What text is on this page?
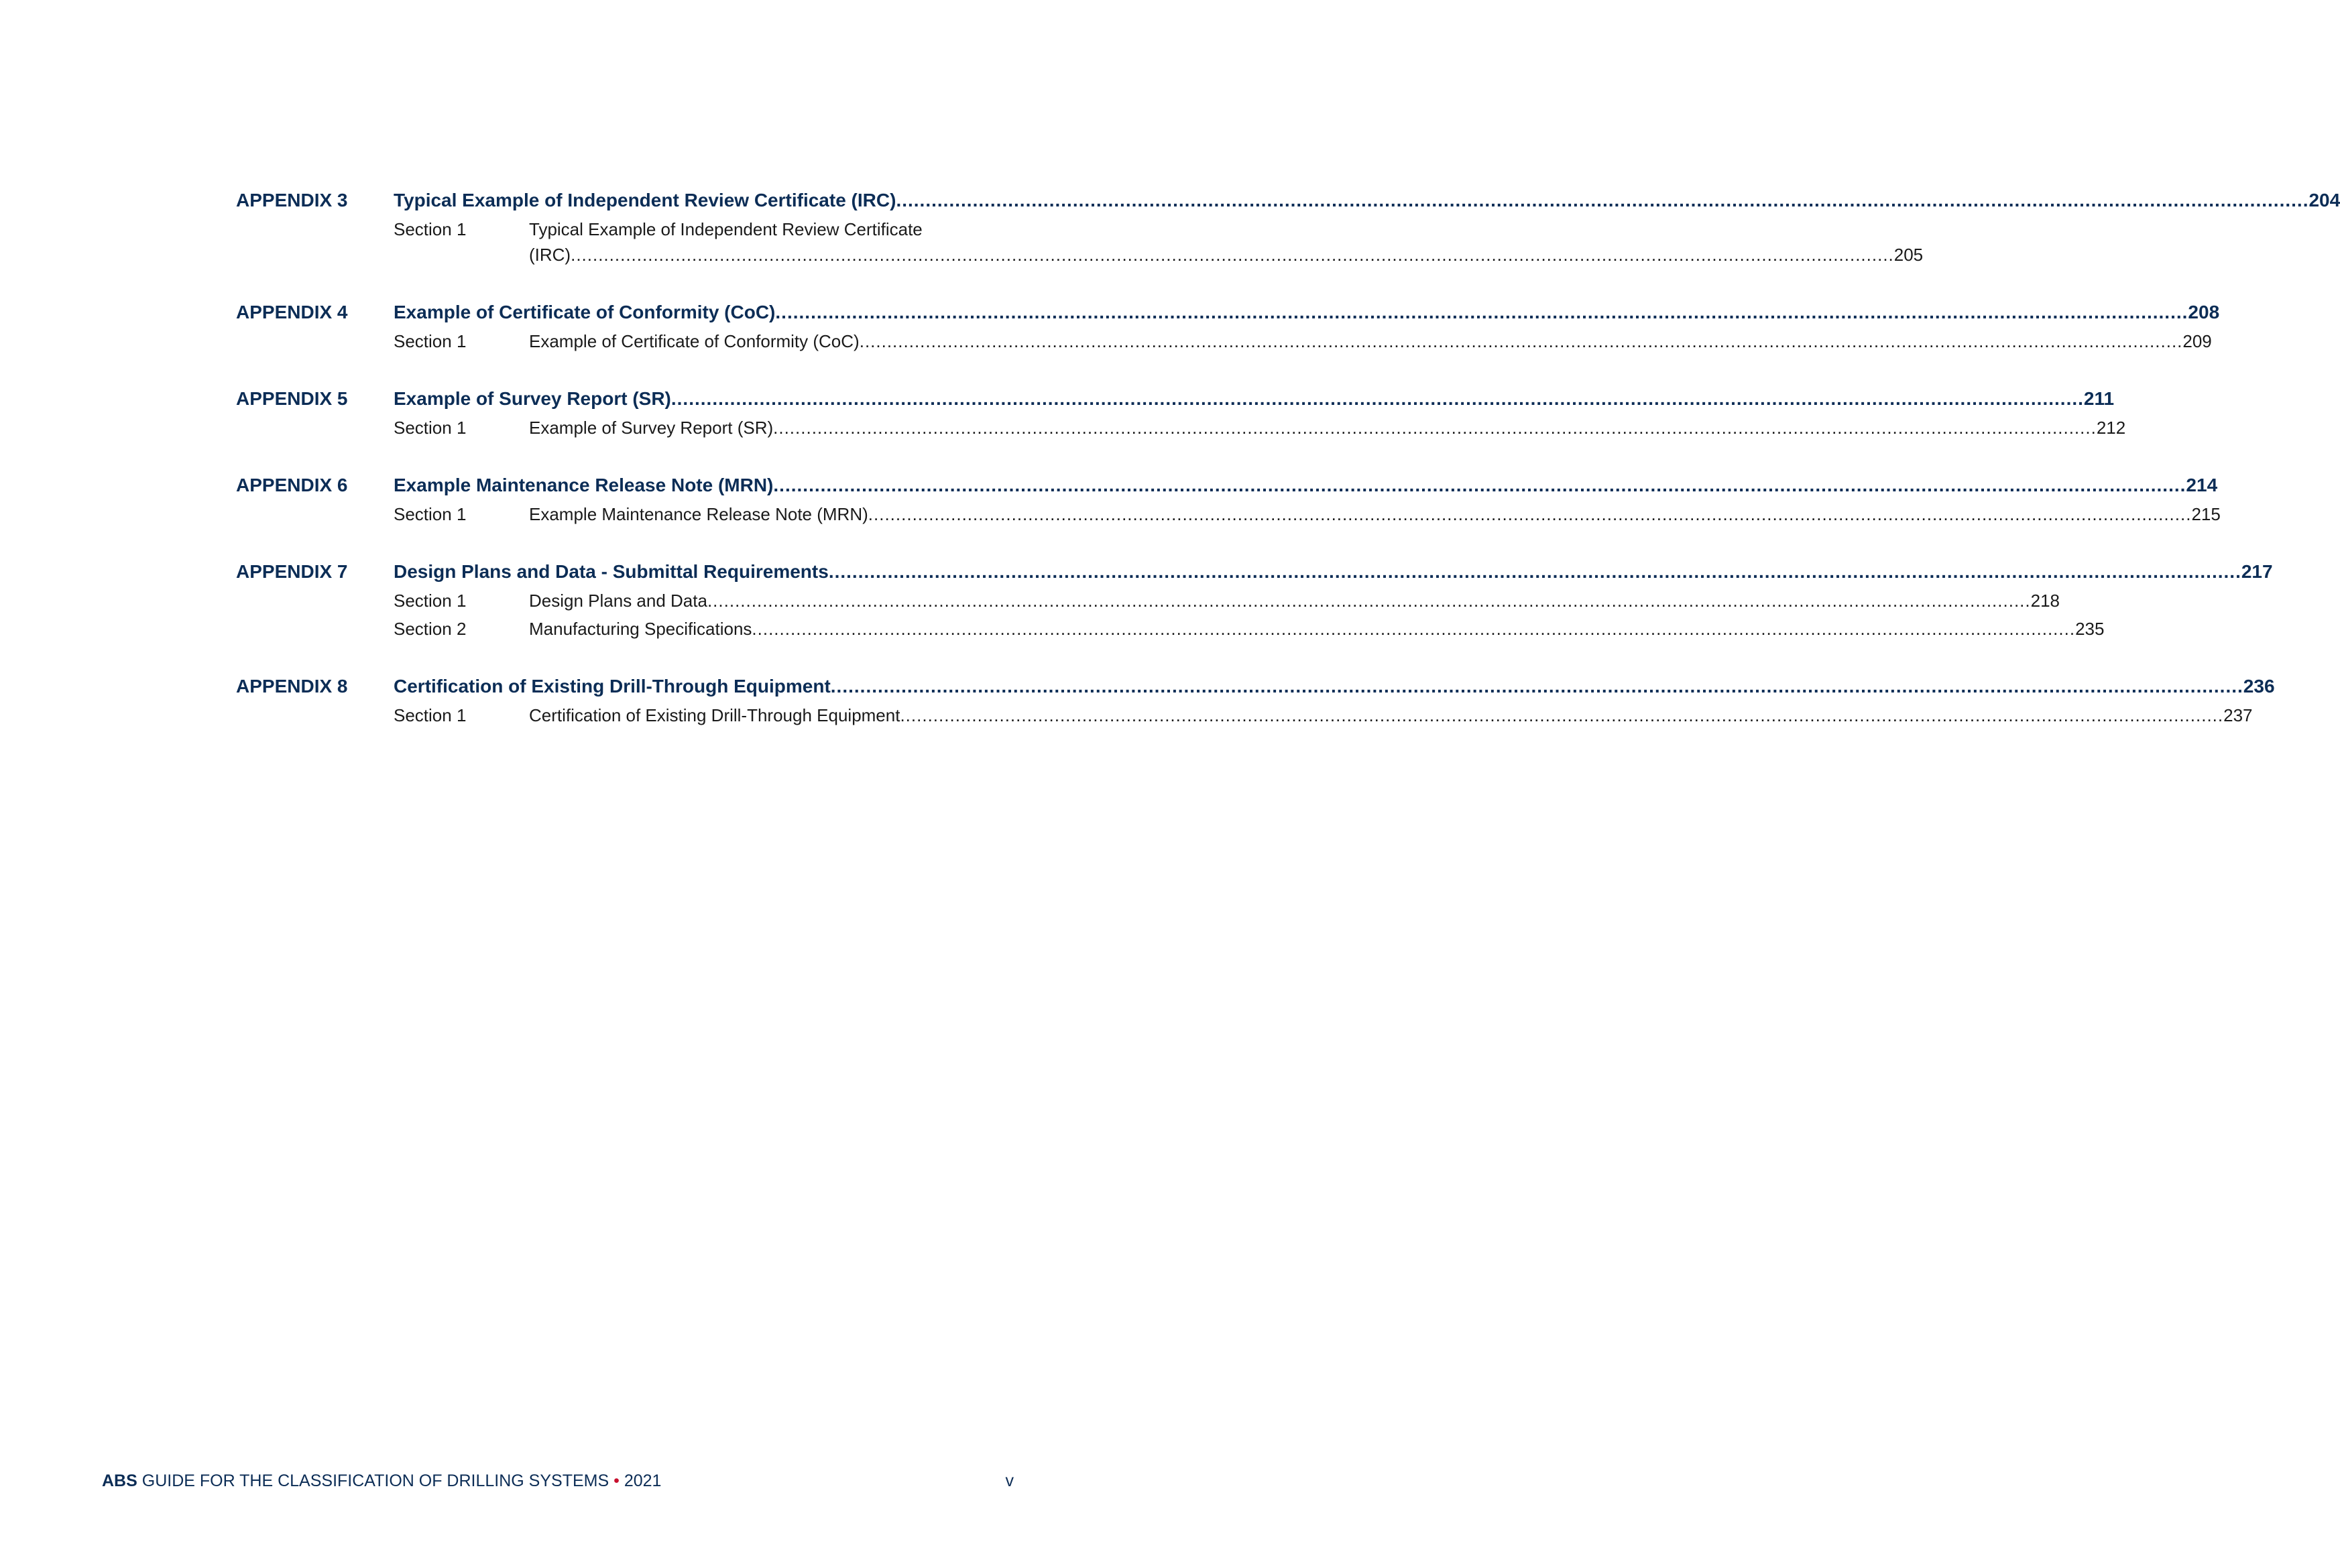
APPENDIX 3	Typical Example of Independent Review Certificate (IRC) .....	204
Section 1	Typical Example of Independent Review Certificate
(IRC) .....	205
APPENDIX 4	Example of Certificate of Conformity (CoC) .....	208
Section 1	Example of Certificate of Conformity (CoC) .....	209
APPENDIX 5	Example of Survey Report (SR) .....	211
Section 1	Example of Survey Report (SR) .....	212
APPENDIX 6	Example Maintenance Release Note (MRN) .....	214
Section 1	Example Maintenance Release Note (MRN) .....	215
APPENDIX 7	Design Plans and Data - Submittal Requirements .....	217
Section 1	Design Plans and Data .....	218
Section 2	Manufacturing Specifications .....	235
APPENDIX 8	Certification of Existing Drill-Through Equipment .....	236
Section 1	Certification of Existing Drill-Through Equipment .....	237
ABS GUIDE FOR THE CLASSIFICATION OF DRILLING SYSTEMS • 2021	v
